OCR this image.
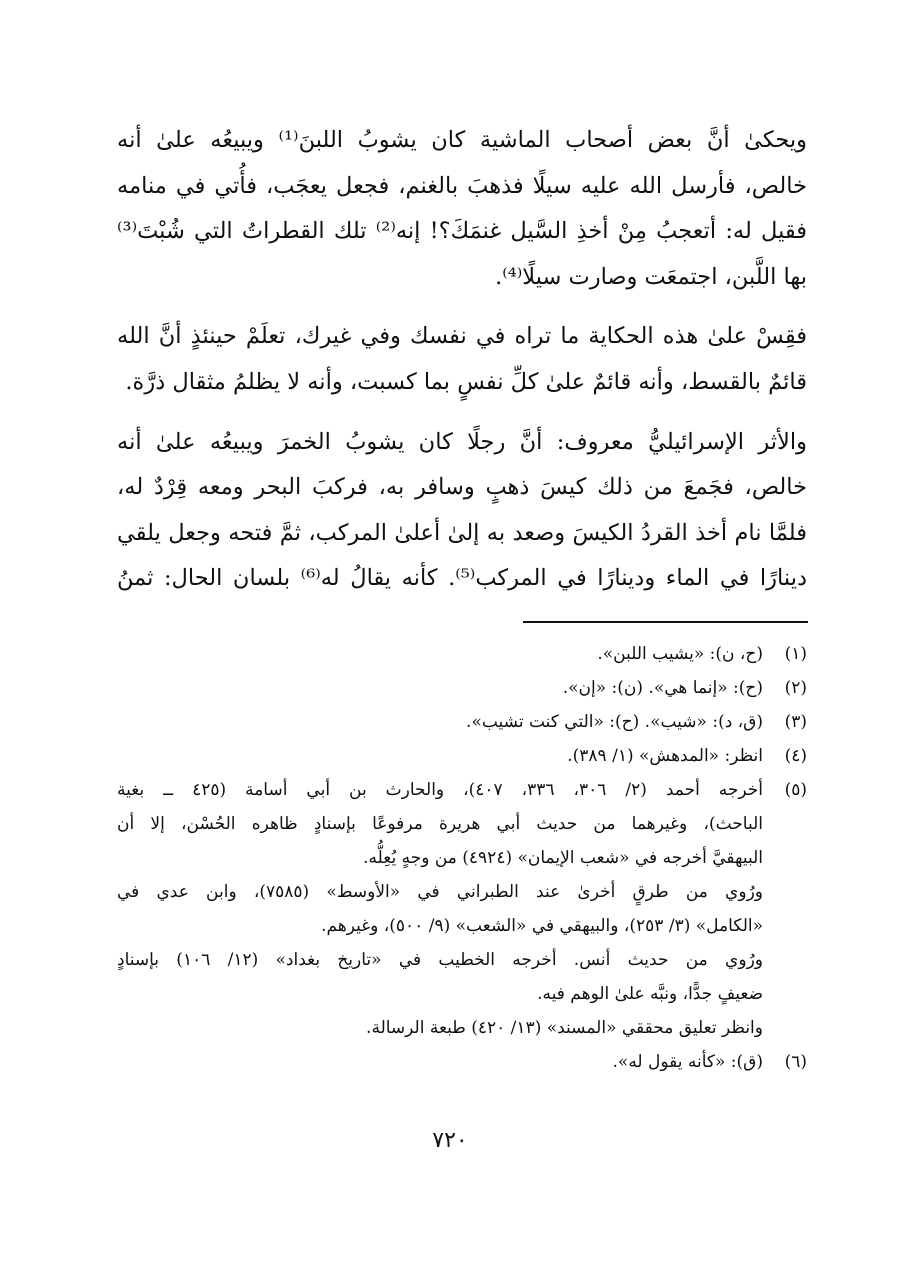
ويحكىٰ أنَّ بعض أصحاب الماشية كان يشوبُ اللبنَ⁽¹⁾ ويبيعُه علىٰ أنه
خالص، فأرسل الله عليه سيلًا فذهبَ بالغنم، فجعل يعجَب، فأُتي في منامه
فقيل له: أتعجبُ مِنْ أخذِ السَّيل غنمَكَ؟! إنه⁽²⁾ تلك القطراتُ التي شُبْتَ⁽³⁾
بها اللَّبن، اجتمعَت وصارت سيلًا⁽⁴⁾.

فقِسْ علىٰ هذه الحكاية ما تراه في نفسك وفي غيرك، تعلَمْ حينئذٍ أنَّ الله
قائمٌ بالقسط، وأنه قائمٌ علىٰ كلِّ نفسٍ بما كسبت، وأنه لا يظلمُ مثقال ذرَّة.

والأثر الإسرائيليُّ معروف: أنَّ رجلًا كان يشوبُ الخمرَ ويبيعُه علىٰ أنه
خالص، فجَمعَ من ذلك كيسَ ذهبٍ وسافر به، فركبَ البحر ومعه قِرْدٌ له،
فلمَّا نام أخذ القردُ الكيسَ وصعد به إلىٰ أعلىٰ المركب، ثمَّ فتحه وجعل يلقي
دينارًا في الماء ودينارًا في المركب⁽⁵⁾. كأنه يقالُ له⁽⁶⁾ بلسان الحال: ثمنُ

(١)
(ح، ن): «يشيب اللبن».
(٢)
(ح): «إنما هي». (ن): «إن».
(٣)
(ق، د): «شيب». (ح): «التي كنت تشيب».
(٤)
انظر: «المدهش» (١/ ٣٨٩).
(٥)
أخرجه أحمد (٢/ ٣٠٦، ٣٣٦، ٤٠٧)، والحارث بن أبي أسامة (٤٢٥ ــ بغية
الباحث)، وغيرهما من حديث أبي هريرة مرفوعًا بإسنادٍ ظاهره الحُسْن، إلا أن
البيهقيَّ أخرجه في «شعب الإيمان» (٤٩٢٤) من وجهٍ يُعِلُّه.
ورُوي من طرقٍ أخرىٰ عند الطبراني في «الأوسط» (٧٥٨٥)، وابن عدي في
«الكامل» (٣/ ٢٥٣)، والبيهقي في «الشعب» (٩/ ٥٠٠)، وغيرهم.
ورُوي من حديث أنس. أخرجه الخطيب في «تاريخ بغداد» (١٢/ ١٠٦) بإسنادٍ
ضعيفٍ جدًّا، ونبَّه علىٰ الوهم فيه.
وانظر تعليق محققي «المسند» (١٣/ ٤٢٠) طبعة الرسالة.
(٦)
(ق): «كأنه يقول له».
٧٢٠
